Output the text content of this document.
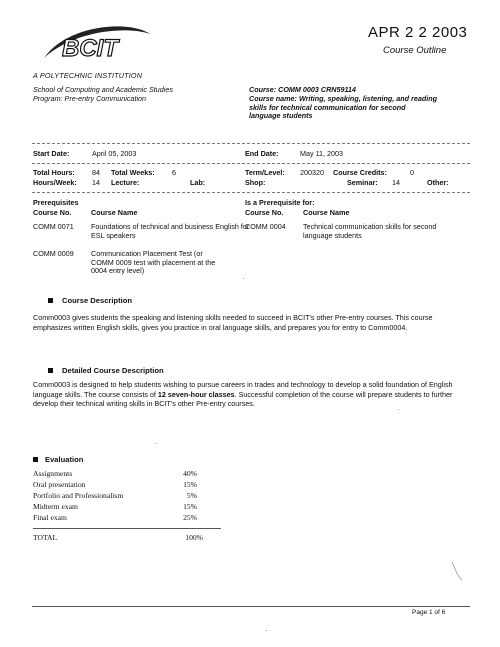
APR 2 2 2003
Course Outline
BCIT
A POLYTECHNIC INSTITUTION
School of Computing and Academic Studies
Program: Pre-entry Communication
Course: COMM 0003 CRN59114
Course name: Writing, speaking, listening, and reading skills for technical communication for second language students
Start Date:	April 05, 2003	End Date:	May 11, 2003
Total Hours: 84 Total Weeks: 6	Term/Level: 200320 Course Credits:	0
Hours/Week: 14 Lecture:	Lab:	Shop:	Seminar: 14	Other:
Prerequisites
Course No.	Course Name
COMM 0071 Foundations of technical and business English for ESL speakers
COMM 0009 Communication Placement Test (or COMM 0009 test with placement at the 0004 entry level)
Is a Prerequisite for:
Course No.	Course Name
COMM 0004 Technical communication skills for second language students
Course Description
Comm0003 gives students the speaking and listening skills needed to succeed in BCIT's other Pre-entry courses. This course emphasizes written English skills, gives you practice in oral language skills, and prepares you for entry to Comm0004.
Detailed Course Description
Comm0003 is designed to help students wishing to pursue careers in trades and technology to develop a solid foundation of English language skills. The course consists of 12 seven-hour classes. Successful completion of the course will prepare students to further develop their technical writing skills in BCIT's other Pre-entry courses.
Evaluation
Assignments	40%
Oral presentation	15%
Portfolio and Professionalism	5%
Midterm exam	15%
Final exam	25%
TOTAL	100%
Page 1 of 6
